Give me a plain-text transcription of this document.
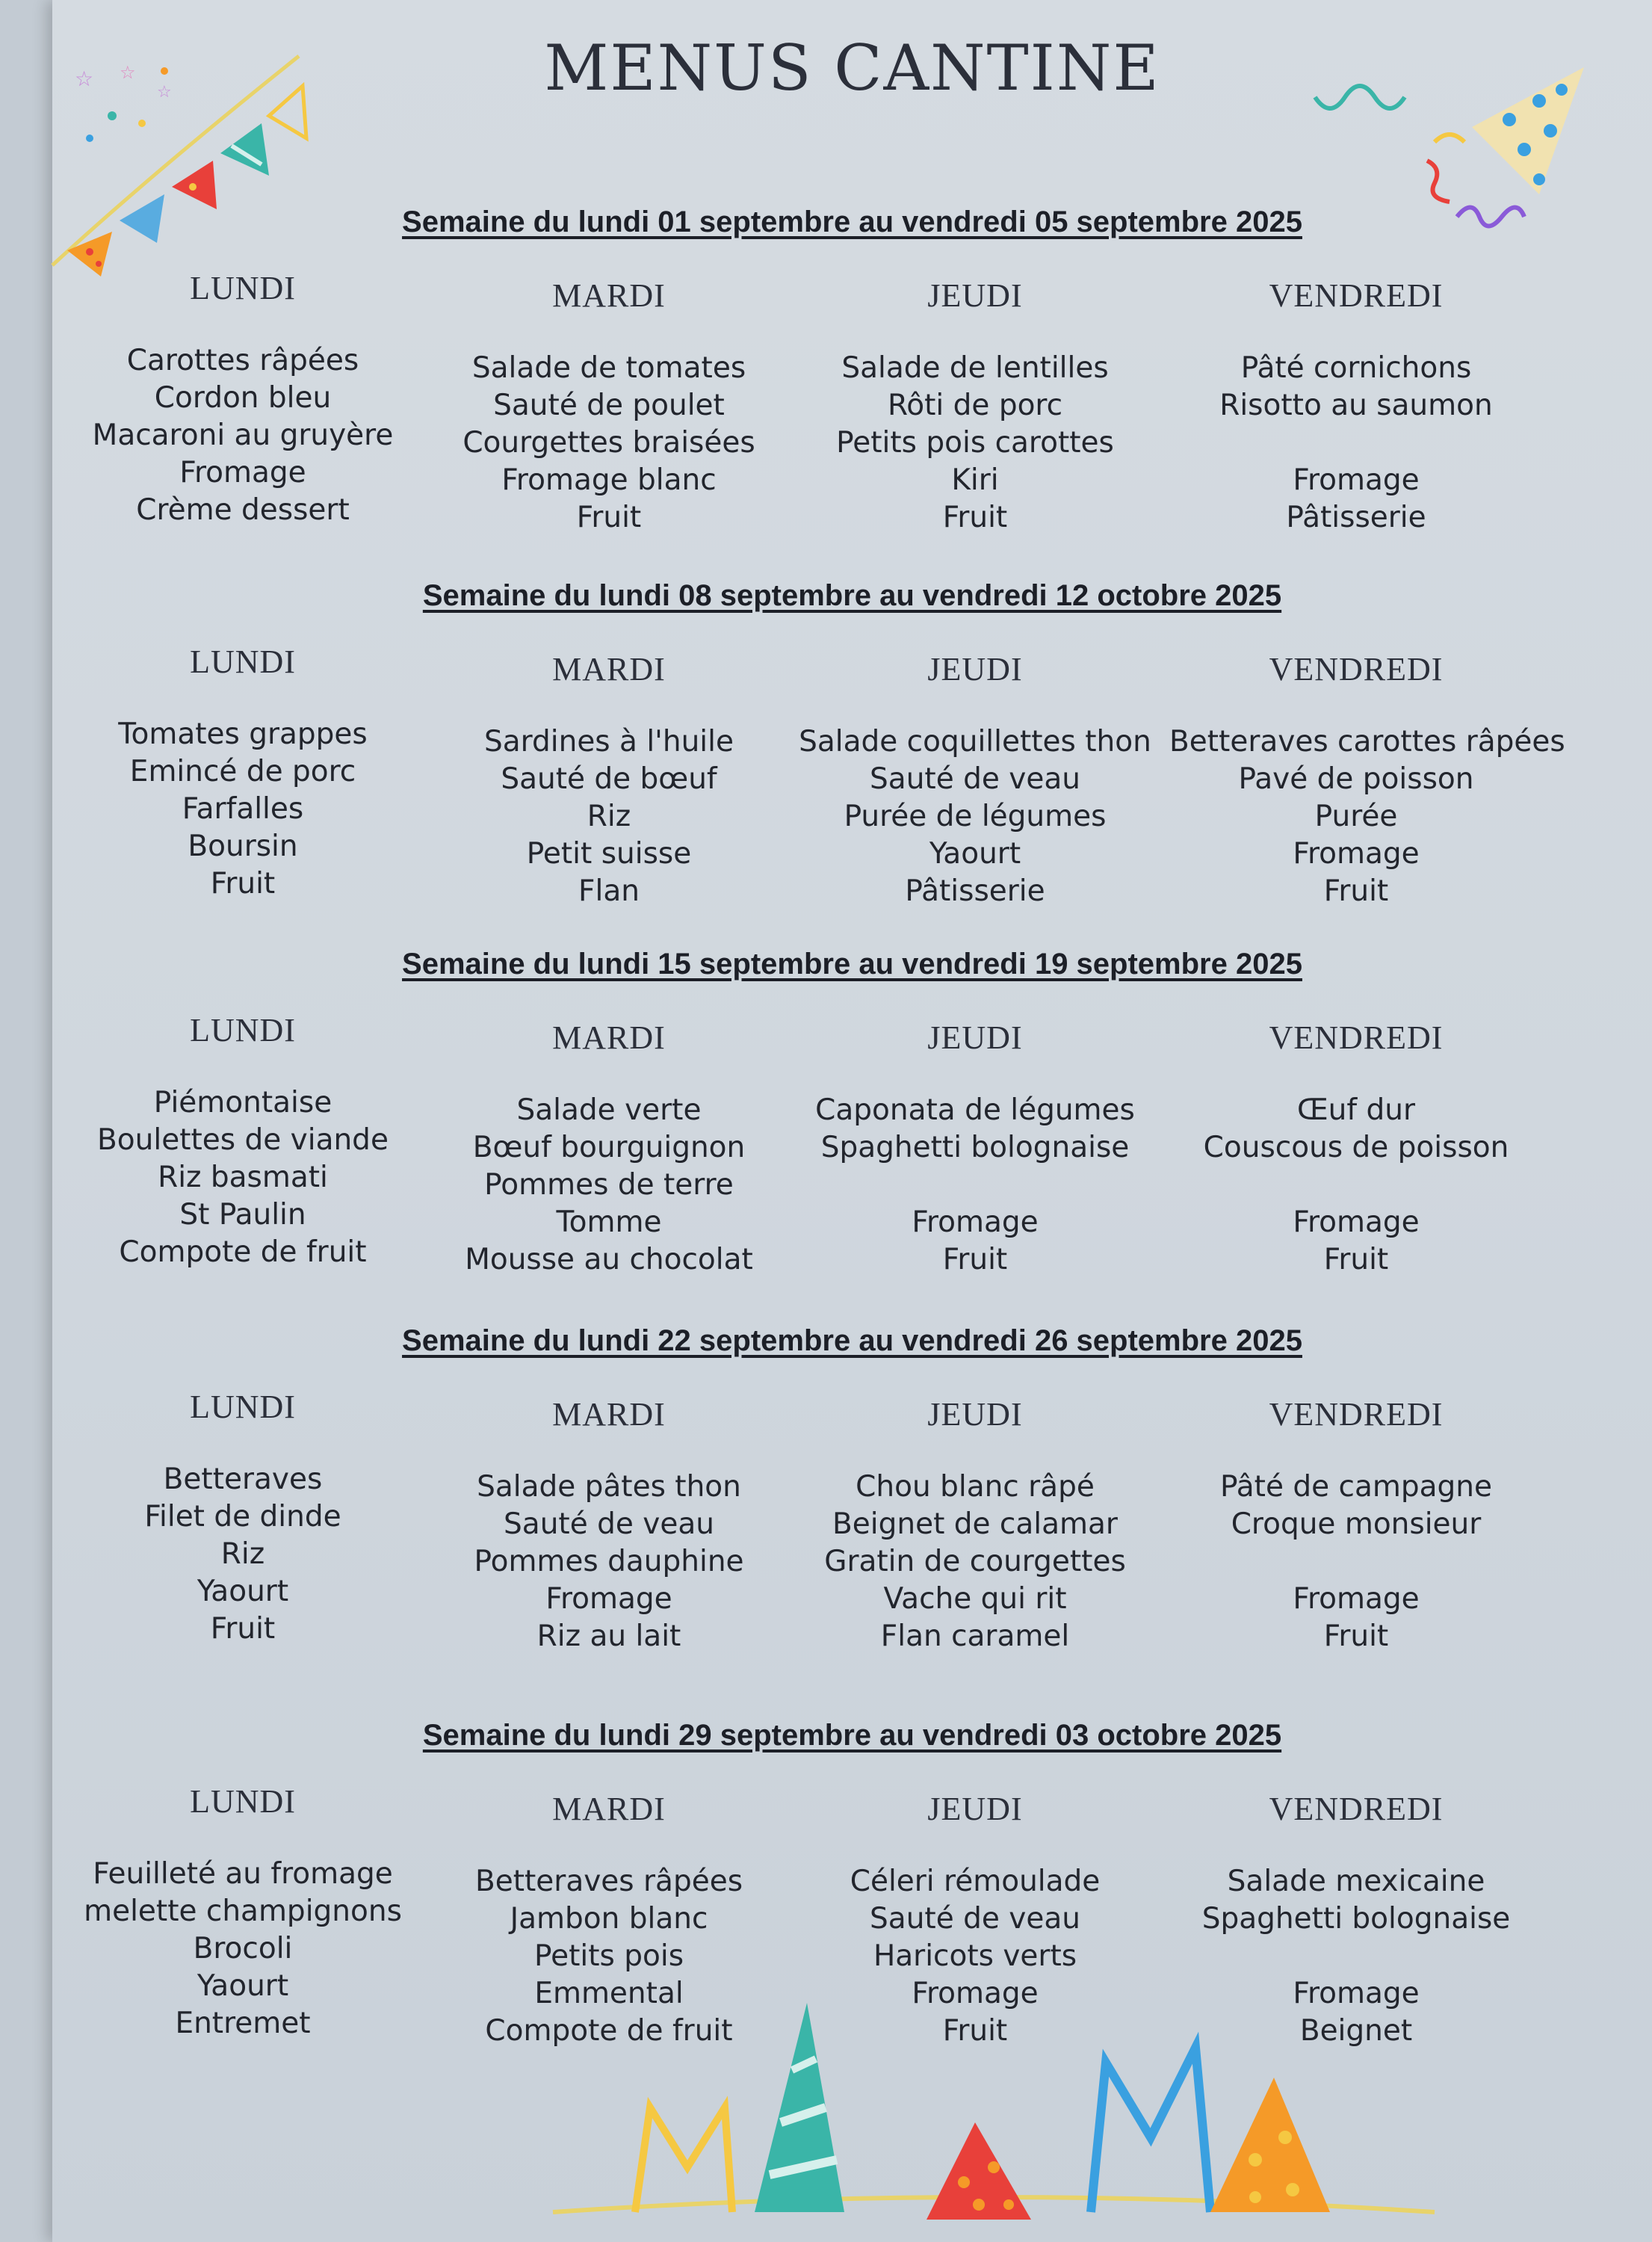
MENUS CANTINE
☆ ☆
☆
Semaine du lundi 01 septembre au vendredi 05 septembre 2025
LUNDI
Carottes râpées
Cordon bleu
Macaroni au gruyère
Fromage
Crème dessert
MARDI
Salade de tomates
Sauté de poulet
Courgettes braisées
Fromage blanc
Fruit
JEUDI
Salade de lentilles
Rôti de porc
Petits pois carottes
Kiri
Fruit
VENDREDI
Pâté cornichons
Risotto au saumon
Fromage
Pâtisserie
Semaine du lundi 08 septembre au vendredi 12 octobre 2025
LUNDI
Tomates grappes
Emincé de porc
Farfalles
Boursin
Fruit
MARDI
Sardines à l'huile
Sauté de bœuf
Riz
Petit suisse
Flan
JEUDI
Salade coquillettes thon
Sauté de veau
Purée de légumes
Yaourt
Pâtisserie
VENDREDI
Betteraves carottes râpées
Pavé de poisson
Purée
Fromage
Fruit
Semaine du lundi 15 septembre au vendredi 19 septembre 2025
LUNDI
Piémontaise
Boulettes de viande
Riz basmati
St Paulin
Compote de fruit
MARDI
Salade verte
Bœuf bourguignon
Pommes de terre
Tomme
Mousse au chocolat
JEUDI
Caponata de légumes
Spaghetti bolognaise
Fromage
Fruit
VENDREDI
Œuf dur
Couscous de poisson
Fromage
Fruit
Semaine du lundi 22 septembre au vendredi 26 septembre 2025
LUNDI
Betteraves
Filet de dinde
Riz
Yaourt
Fruit
MARDI
Salade pâtes thon
Sauté de veau
Pommes dauphine
Fromage
Riz au lait
JEUDI
Chou blanc râpé
Beignet de calamar
Gratin de courgettes
Vache qui rit
Flan caramel
VENDREDI
Pâté de campagne
Croque monsieur
Fromage
Fruit
Semaine du lundi 29 septembre au vendredi 03 octobre 2025
LUNDI
Feuilleté au fromage
melette champignons
Brocoli
Yaourt
Entremet
MARDI
Betteraves râpées
Jambon blanc
Petits pois
Emmental
Compote de fruit
JEUDI
Céleri rémoulade
Sauté de veau
Haricots verts
Fromage
Fruit
VENDREDI
Salade mexicaine
Spaghetti bolognaise
Fromage
Beignet
